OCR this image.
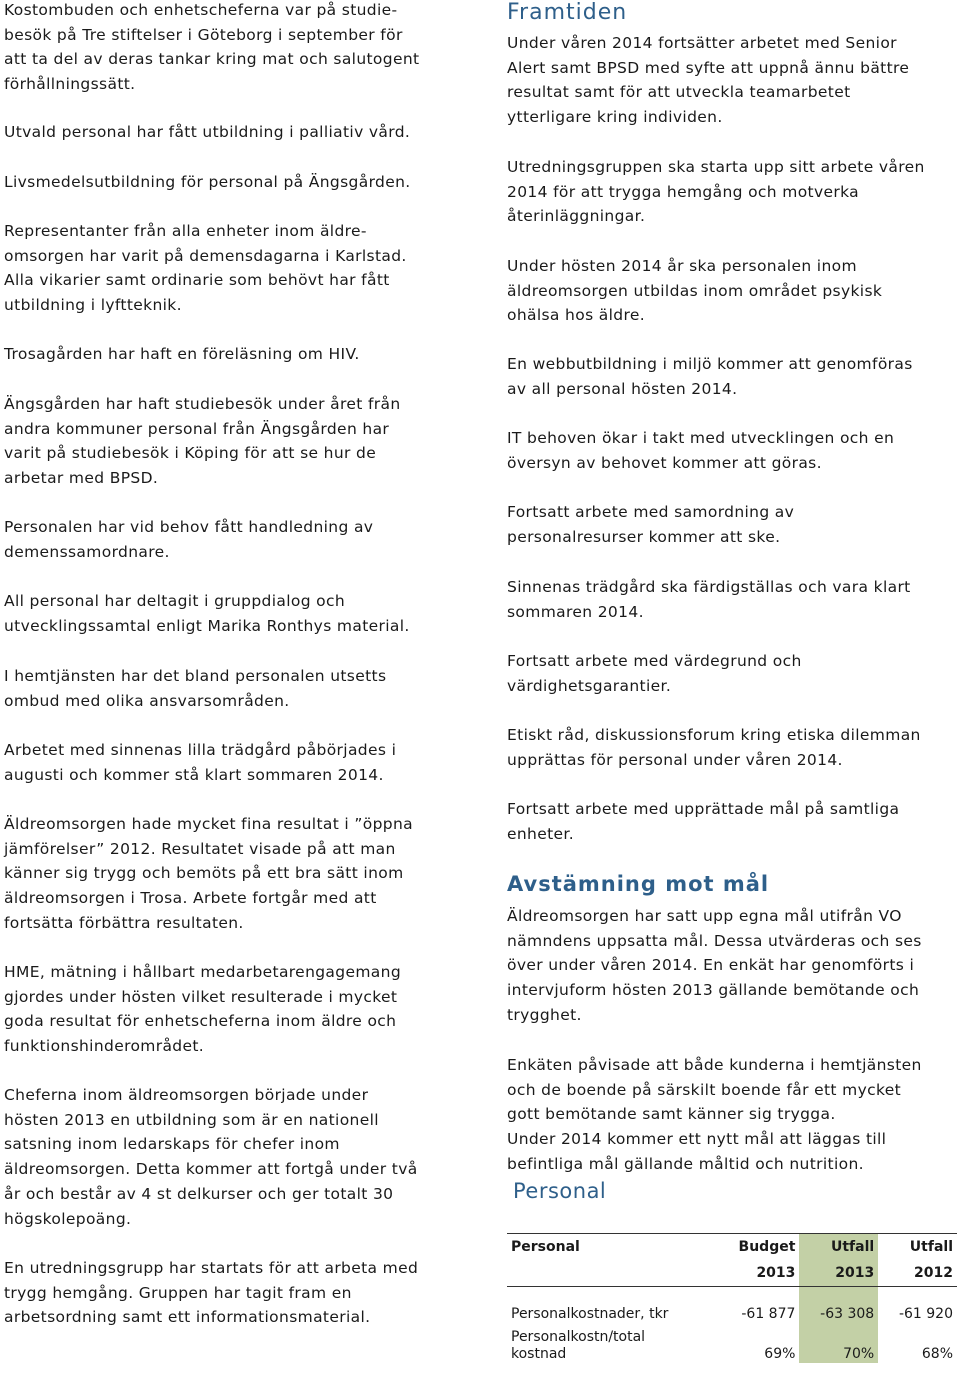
Kostombuden och enhetscheferna var på studie-
besök på Tre stiftelser i Göteborg i september för
att ta del av deras tankar kring mat och salutogent
förhållningssätt.

Utvald personal har fått utbildning i palliativ vård.

Livsmedelsutbildning för personal på Ängsgården.

Representanter från alla enheter inom äldre-
omsorgen har varit på demensdagarna i Karlstad.
Alla vikarier samt ordinarie som behövt har fått
utbildning i lyftteknik.

Trosagården har haft en föreläsning om HIV.

Ängsgården har haft studiebesök under året från
andra kommuner personal från Ängsgården har
varit på studiebesök i Köping för att se hur de
arbetar med BPSD.

Personalen har vid behov fått handledning av
demenssamordnare.

All personal har deltagit i gruppdialog och
utvecklingssamtal enligt Marika Ronthys material.

I hemtjänsten har det bland personalen utsetts
ombud med olika ansvarsområden.

Arbetet med sinnenas lilla trädgård påbörjades i
augusti och kommer stå klart sommaren 2014.

Äldreomsorgen hade mycket fina resultat i ”öppna
jämförelser” 2012. Resultatet visade på att man
känner sig trygg och bemöts på ett bra sätt inom
äldreomsorgen i Trosa. Arbete fortgår med att
fortsätta förbättra resultaten.

HME, mätning i hållbart medarbetarengagemang
gjordes under hösten vilket resulterade i mycket
goda resultat för enhetscheferna inom äldre och
funktionshinderområdet.

Cheferna inom äldreomsorgen började under
hösten 2013 en utbildning som är en nationell
satsning inom ledarskaps för chefer inom
äldreomsorgen. Detta kommer att fortgå under två
år och består av 4 st delkurser och ger totalt 30
högskolepoäng.

En utredningsgrupp har startats för att arbeta med
trygg hemgång. Gruppen har tagit fram en
arbetsordning samt ett informationsmaterial.

Framtiden

Under våren 2014 fortsätter arbetet med Senior
Alert samt BPSD med syfte att uppnå ännu bättre
resultat samt för att utveckla teamarbetet
ytterligare kring individen.

Utredningsgruppen ska starta upp sitt arbete våren
2014 för att trygga hemgång och motverka
återinläggningar.

Under hösten 2014 år ska personalen inom
äldreomsorgen utbildas inom området psykisk
ohälsa hos äldre.

En webbutbildning i miljö kommer att genomföras
av all personal hösten 2014.

IT behoven ökar i takt med utvecklingen och en
översyn av behovet kommer att göras.

Fortsatt arbete med samordning av
personalresurser kommer att ske.

Sinnenas trädgård ska färdigställas och vara klart
sommaren 2014.

Fortsatt arbete med värdegrund och
värdighetsgarantier.

Etiskt råd, diskussionsforum kring etiska dilemman
upprättas för personal under våren 2014.

Fortsatt arbete med upprättade mål på samtliga
enheter.

Avstämning mot mål

Äldreomsorgen har satt upp egna mål utifrån VO
nämndens uppsatta mål. Dessa utvärderas och ses
över under våren 2014. En enkät har genomförts i
intervjuform hösten 2013 gällande bemötande och
trygghet.

Enkäten påvisade att både kunderna i hemtjänsten
och de boende på särskilt boende får ett mycket
gott bemötande samt känner sig trygga.
Under 2014 kommer ett nytt mål att läggas till
befintliga mål gällande måltid och nutrition.

Personal
Personal	Budget	Utfall	Utfall
	2013	2013	2012

Personalkostnader, tkr	-61 877	-63 308	-61 920
Personalkostn/total
kostnad	69%	70%	68%
